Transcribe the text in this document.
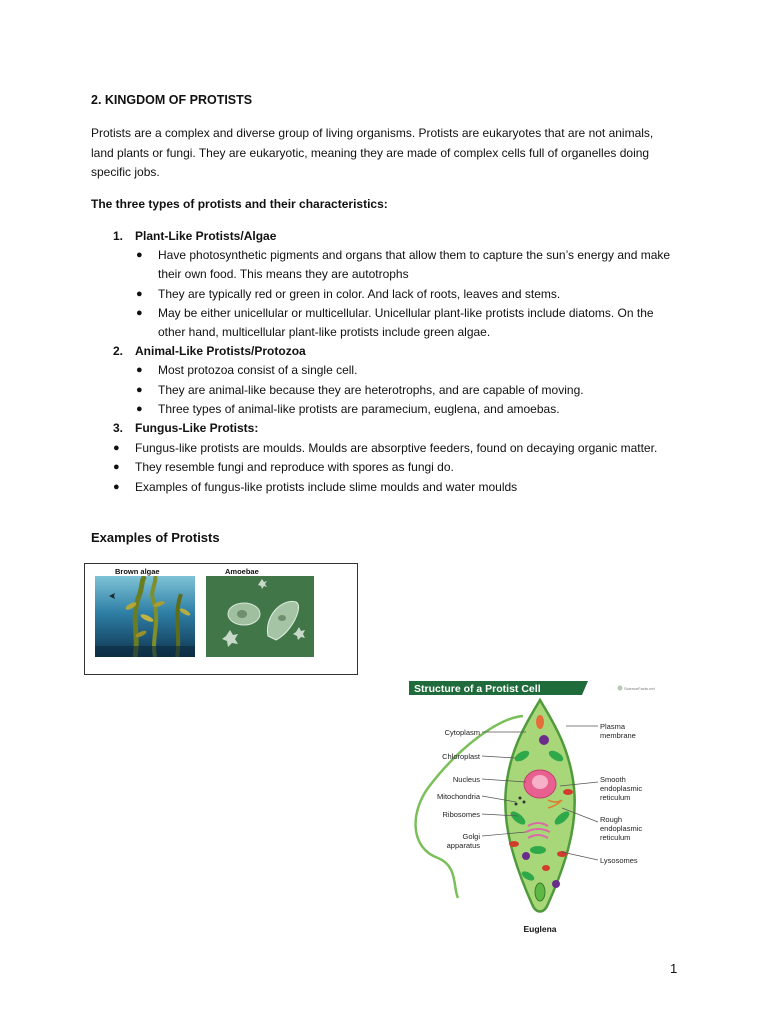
2. KINGDOM OF PROTISTS

Protists are a complex and diverse group of living organisms. Protists are eukaryotes that are not animals,

land plants or fungi. They are eukaryotic, meaning they are made of complex cells full of organelles doing

specific jobs.

The three types of protists and their characteristics:
1. Plant-Like Protists/Algae
● Have photosynthetic pigments and organs that allow them to capture the sun’s energy and make
their own food. This means they are autotrophs
● They are typically red or green in color. And lack of roots, leaves and stems.
● May be either unicellular or multicellular. Unicellular plant-like protists include diatoms. On the
other hand, multicellular plant-like protists include green algae.
2. Animal-Like Protists/Protozoa
● Most protozoa consist of a single cell.
● They are animal-like because they are heterotrophs, and are capable of moving.
● Three types of animal-like protists are paramecium, euglena, and amoebas.
3. Fungus-Like Protists:
● Fungus-like protists are moulds. Moulds are absorptive feeders, found on decaying organic matter.
● They resemble fungi and reproduce with spores as fungi do.
● Examples of fungus-like protists include slime moulds and water moulds
Examples of Protists
Brown algae	Amoebae
Structure of a Protist Cell	ScienceFacts.net
Cytoplasm
Chloroplast
Nucleus
Mitochondria
Ribosomes
Golgi
apparatus
Plasma
membrane
Smooth
endoplasmic
reticulum
Rough
endoplasmic
reticulum
Lysosomes
Euglena
1
